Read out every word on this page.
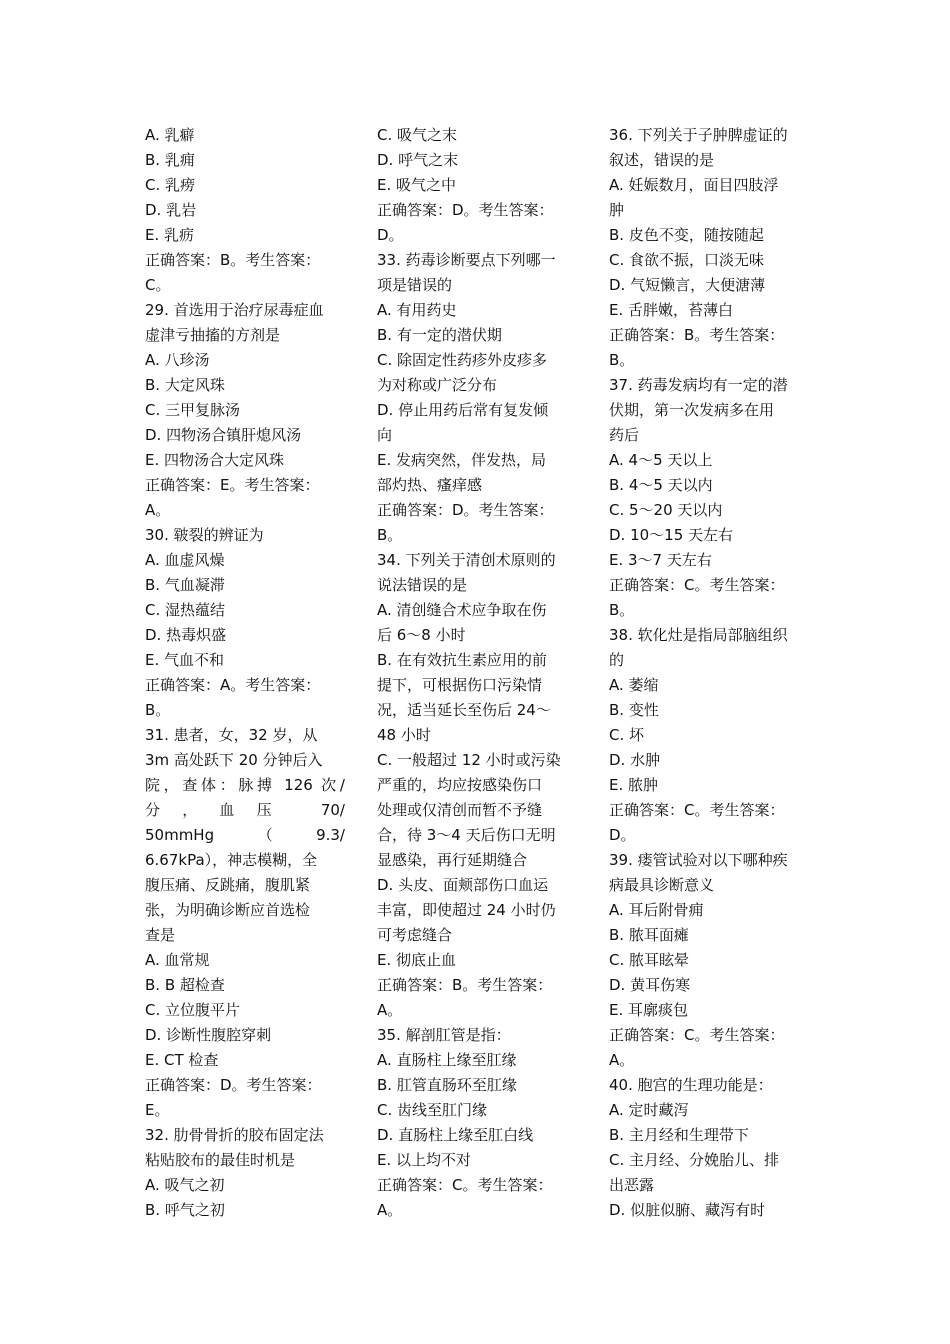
A. 乳癖
B. 乳痈
C. 乳痨
D. 乳岩
E. 乳疬
正确答案：B。考生答案：
C。
29. 首选用于治疗尿毒症血
虚津亏抽搐的方剂是
A. 八珍汤
B. 大定风珠
C. 三甲复脉汤
D. 四物汤合镇肝熄风汤
E. 四物汤合大定风珠
正确答案：E。考生答案：
A。
30. 皲裂的辨证为
A. 血虚风燥
B. 气血凝滞
C. 湿热蕴结
D. 热毒炽盛
E. 气血不和
正确答案：A。考生答案：
B。
31. 患者，女，32 岁，从
3m 高处跃下 20 分钟后入
院，查体：脉搏 126 次/
分，血压 70/
50mmHg（9.3/
6.67kPa），神志模糊，全
腹压痛、反跳痛，腹肌紧
张，为明确诊断应首选检
查是
A. 血常规
B. B 超检查
C. 立位腹平片
D. 诊断性腹腔穿刺
E. CT 检查
正确答案：D。考生答案：
E。
32. 肋骨骨折的胶布固定法
粘贴胶布的最佳时机是
A. 吸气之初
B. 呼气之初
C. 吸气之末
D. 呼气之末
E. 吸气之中
正确答案：D。考生答案：
D。
33. 药毒诊断要点下列哪一
项是错误的
A. 有用药史
B. 有一定的潜伏期
C. 除固定性药疹外皮疹多
为对称或广泛分布
D. 停止用药后常有复发倾
向
E. 发病突然，伴发热，局
部灼热、瘙痒感
正确答案：D。考生答案：
B。
34. 下列关于清创术原则的
说法错误的是
A. 清创缝合术应争取在伤
后 6～8 小时
B. 在有效抗生素应用的前
提下，可根据伤口污染情
况，适当延长至伤后 24～
48 小时
C. 一般超过 12 小时或污染
严重的，均应按感染伤口
处理或仅清创而暂不予缝
合，待 3～4 天后伤口无明
显感染，再行延期缝合
D. 头皮、面颊部伤口血运
丰富，即使超过 24 小时仍
可考虑缝合
E. 彻底止血
正确答案：B。考生答案：
A。
35. 解剖肛管是指：
A. 直肠柱上缘至肛缘
B. 肛管直肠环至肛缘
C. 齿线至肛门缘
D. 直肠柱上缘至肛白线
E. 以上均不对
正确答案：C。考生答案：
A。
36. 下列关于子肿脾虚证的
叙述，错误的是
A. 妊娠数月，面目四肢浮
肿
B. 皮色不变，随按随起
C. 食欲不振，口淡无味
D. 气短懒言，大便溏薄
E. 舌胖嫩，苔薄白
正确答案：B。考生答案：
B。
37. 药毒发病均有一定的潜
伏期，第一次发病多在用
药后
A. 4～5 天以上
B. 4～5 天以内
C. 5～20 天以内
D. 10～15 天左右
E. 3～7 天左右
正确答案：C。考生答案：
B。
38. 软化灶是指局部脑组织
的
A. 萎缩
B. 变性
C. 坏
D. 水肿
E. 脓肿
正确答案：C。考生答案：
D。
39. 瘘管试验对以下哪种疾
病最具诊断意义
A. 耳后附骨痈
B. 脓耳面瘫
C. 脓耳眩晕
D. 黄耳伤寒
E. 耳廓痰包
正确答案：C。考生答案：
A。
40. 胞宫的生理功能是：
A. 定时藏泻
B. 主月经和生理带下
C. 主月经、分娩胎儿、排
出恶露
D. 似脏似腑、藏泻有时
